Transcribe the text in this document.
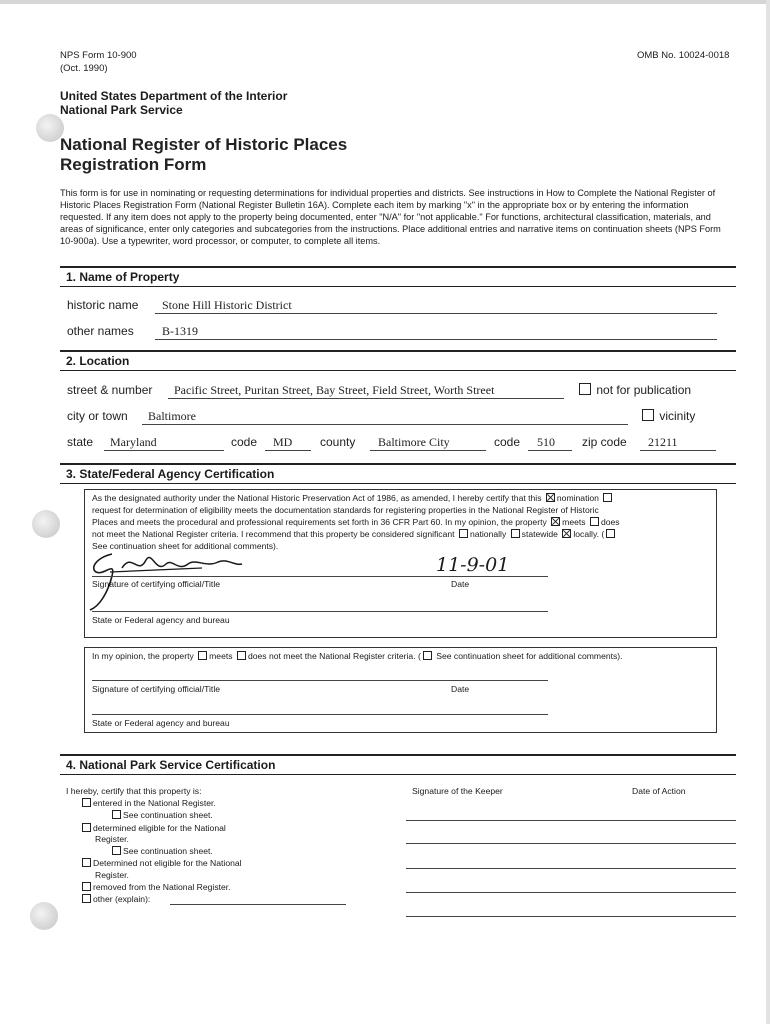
NPS Form 10-900
(Oct. 1990)
OMB No. 10024-0018
United States Department of the Interior
National Park Service
National Register of Historic Places
Registration Form
This form is for use in nominating or requesting determinations for individual properties and districts. See instructions in How to Complete the National Register of Historic Places Registration Form (National Register Bulletin 16A). Complete each item by marking "x" in the appropriate box or by entering the information requested. If any item does not apply to the property being documented, enter "N/A" for "not applicable." For functions, architectural classification, materials, and areas of significance, enter only categories and subcategories from the instructions. Place additional entries and narrative items on continuation sheets (NPS Form 10-900a). Use a typewriter, word processor, or computer, to complete all items.
1. Name of Property
historic name Stone Hill Historic District
other names B-1319
2. Location
street & number Pacific Street, Puritan Street, Bay Street, Field Street, Worth Street	not for publication
city or town Baltimore	vicinity
state Maryland	code MD county Baltimore City	code 510 zip code 21211
3. State/Federal Agency Certification
As the designated authority under the National Historic Preservation Act of 1986, as amended, I hereby certify that this nomination
request for determination of eligibility meets the documentation standards for registering properties in the National Register of Historic
Places and meets the procedural and professional requirements set forth in 36 CFR Part 60. In my opinion, the property meets does
not meet the National Register criteria. I recommend that this property be considered significant nationally statewide locally. (
See continuation sheet for additional comments).
11-9-01
Signature of certifying official/Title	Date
State or Federal agency and bureau
In my opinion, the property meets does not meet the National Register criteria. ( See continuation sheet for additional comments).
Signature of certifying official/Title	Date
State or Federal agency and bureau
4. National Park Service Certification
I hereby, certify that this property is:	Signature of the Keeper	Date of Action
entered in the National Register.
See continuation sheet.
determined eligible for the National
Register.
See continuation sheet.
Determined not eligible for the National
Register.
removed from the National Register.
other (explain):
